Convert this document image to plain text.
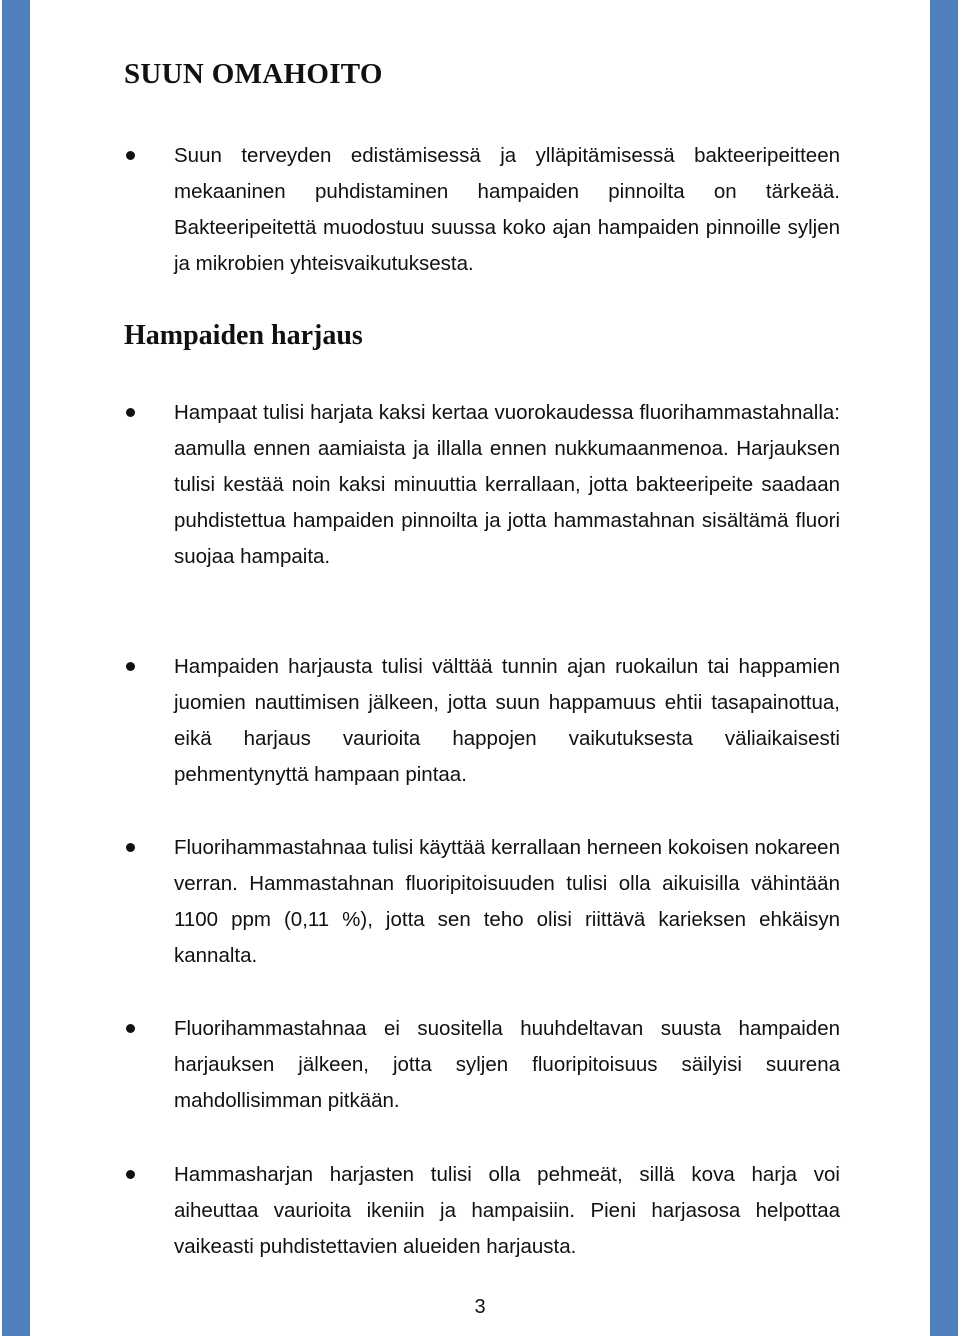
SUUN OMAHOITO
Suun terveyden edistämisessä ja ylläpitämisessä bakteeripeitteen mekaaninen puhdistaminen hampaiden pinnoilta on tärkeää. Bakteeripeitettä muodostuu suussa koko ajan hampaiden pinnoille syljen ja mikrobien yhteisvaikutuksesta.
Hampaiden harjaus
Hampaat tulisi harjata kaksi kertaa vuorokaudessa fluorihammastahnalla: aamulla ennen aamiaista ja illalla ennen nukkumaanmenoa. Harjauksen tulisi kestää noin kaksi minuuttia kerrallaan, jotta bakteeripeite saadaan puhdistettua hampaiden pinnoilta ja jotta hammastahnan sisältämä fluori suojaa hampaita.
Hampaiden harjausta tulisi välttää tunnin ajan ruokailun tai happamien juomien nauttimisen jälkeen, jotta suun happamuus ehtii tasapainottua, eikä harjaus vaurioita happojen vaikutuksesta väliaikaisesti pehmentynyttä hampaan pintaa.
Fluorihammastahnaa tulisi käyttää kerrallaan herneen kokoisen nokareen verran. Hammastahnan fluoripitoisuuden tulisi olla aikuisilla vähintään 1100 ppm (0,11 %), jotta sen teho olisi riittävä karieksen ehkäisyn kannalta.
Fluorihammastahnaa ei suositella huuhdeltavan suusta hampaiden harjauksen jälkeen, jotta syljen fluoripitoisuus säilyisi suurena mahdollisimman pitkään.
Hammasharjan harjasten tulisi olla pehmeät, sillä kova harja voi aiheuttaa vaurioita ikeniin ja hampaisiin. Pieni harjasosa helpottaa vaikeasti puhdistettavien alueiden harjausta.
3
